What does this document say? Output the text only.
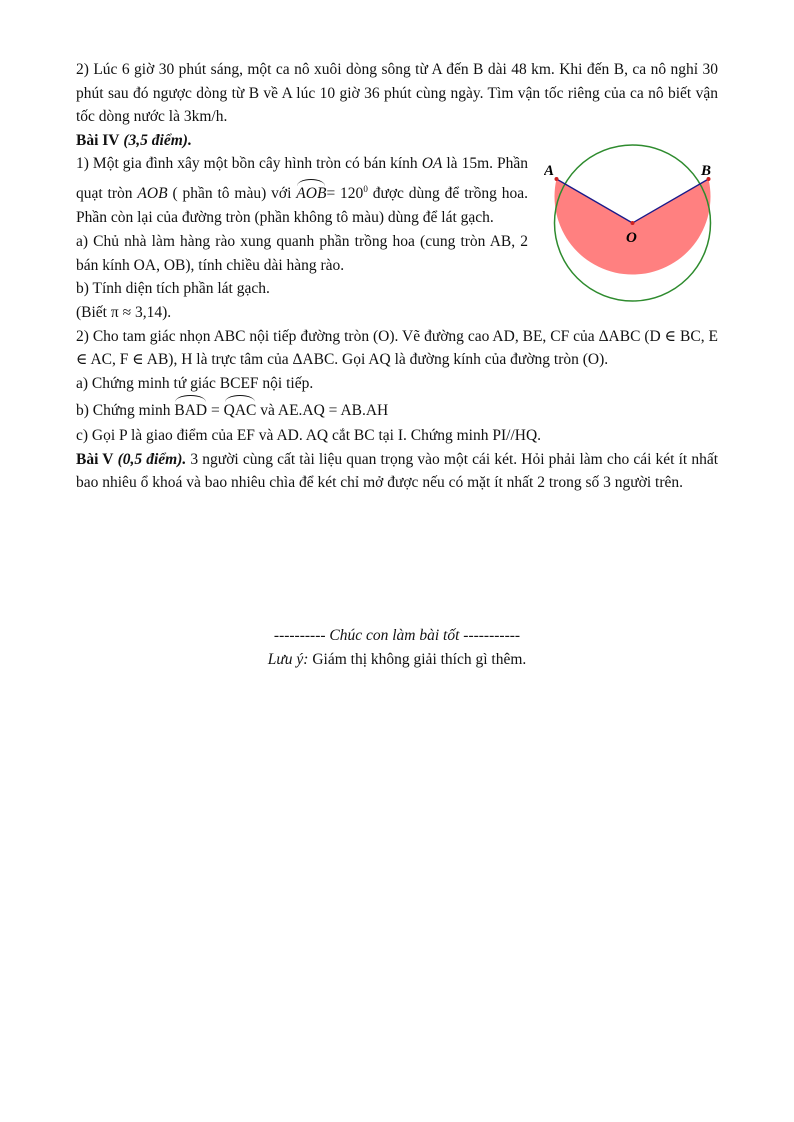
2) Lúc 6 giờ 30 phút sáng, một ca nô xuôi dòng sông từ A đến B dài 48 km. Khi đến B, ca nô nghỉ 30 phút sau đó ngược dòng từ B về A lúc 10 giờ 36 phút cùng ngày. Tìm vận tốc riêng của ca nô biết vận tốc dòng nước là 3km/h.

Bài IV (3,5 điểm).

1) Một gia đình xây một bồn cây hình tròn có bán kính OA là 15m. Phần quạt tròn AOB ( phần tô màu) với $AOB= 120^0$ được dùng để trồng hoa. Phần còn lại của đường tròn (phần không tô màu) dùng để lát gạch.

a) Chủ nhà làm hàng rào xung quanh phần trồng hoa (cung tròn AB, 2 bán kính OA, OB), tính chiều dài hàng rào.

b) Tính diện tích phần lát gạch.

(Biết π ≈ 3,14).

A	B
O

2) Cho tam giác nhọn ABC nội tiếp đường tròn (O). Vẽ đường cao AD, BE, CF của ΔABC (D ∈ BC, E ∈ AC, F ∈ AB), H là trực tâm của ΔABC. Gọi AQ là đường kính của đường tròn (O).

a) Chứng minh tứ giác BCEF nội tiếp.

b) Chứng minh BAD = QAC và AE.AQ = AB.AH

c) Gọi P là giao điểm của EF và AD. AQ cắt BC tại I. Chứng minh PI//HQ.

Bài V (0,5 điểm). 3 người cùng cất tài liệu quan trọng vào một cái két. Hỏi phải làm cho cái két ít nhất bao nhiêu ổ khoá và bao nhiêu chìa để két chỉ mở được nếu có mặt ít nhất 2 trong số 3 người trên.

---------- Chúc con làm bài tốt -----------
Lưu ý: Giám thị không giải thích gì thêm.
